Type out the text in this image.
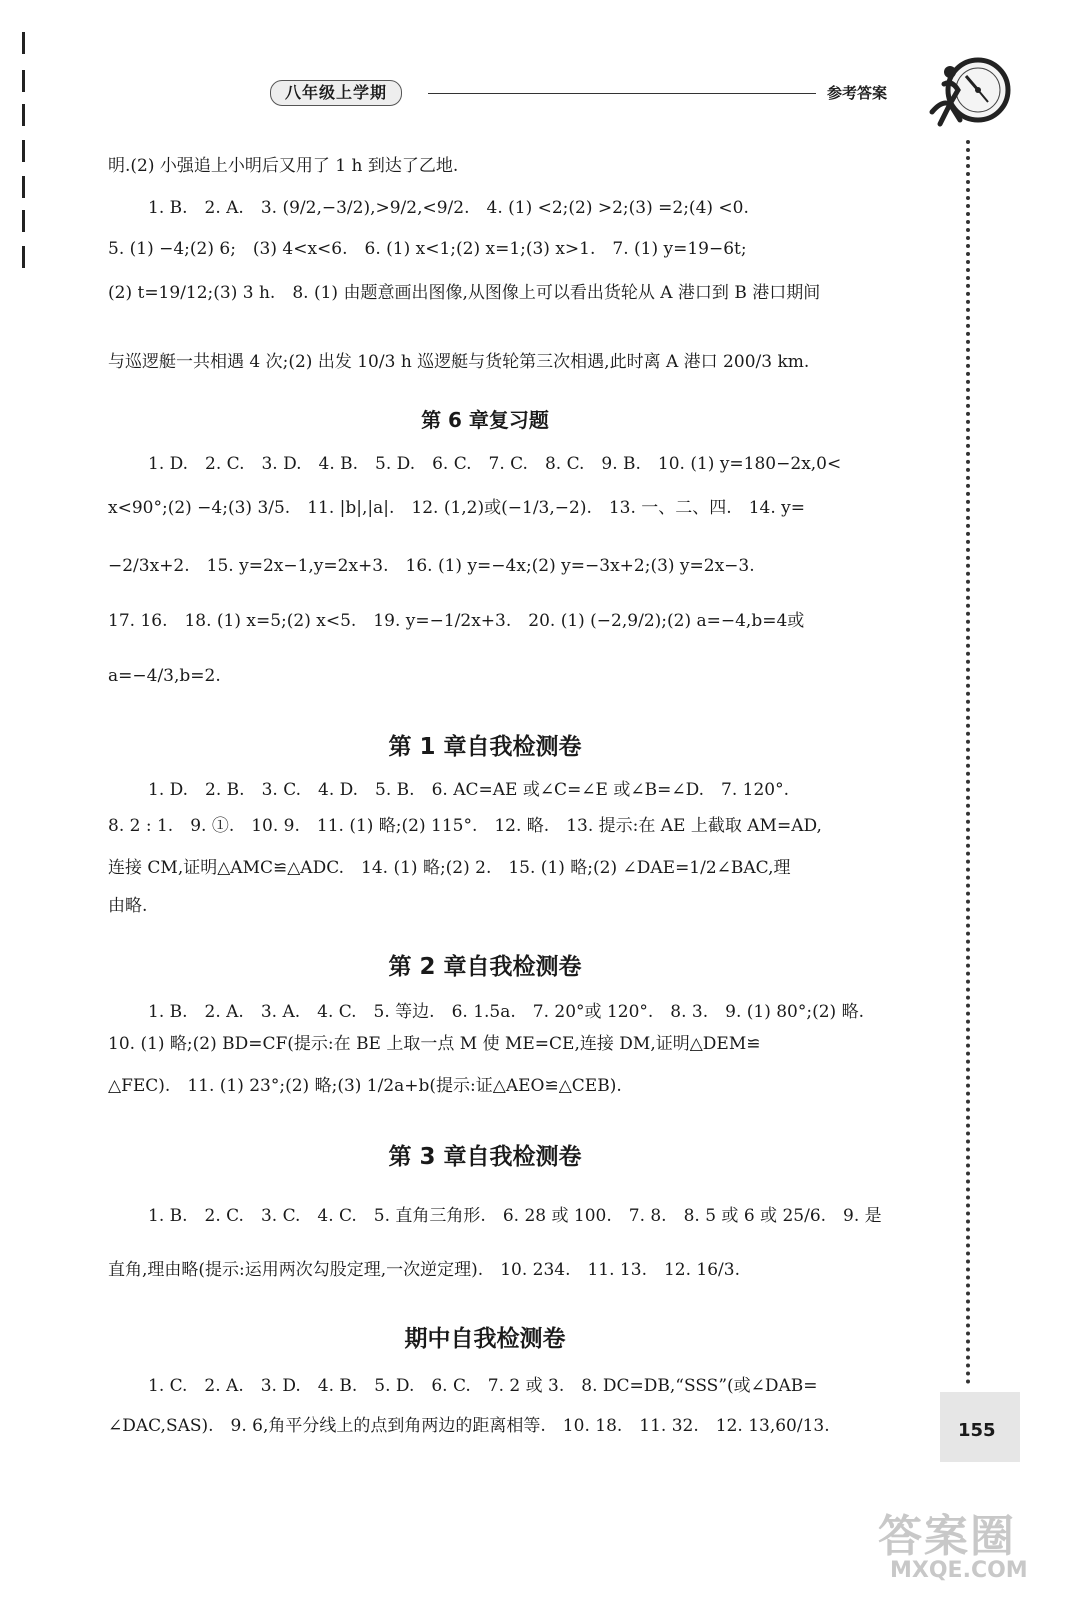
八年级上学期	参考答案
155
明.(2) 小强追上小明后又用了 1 h 到达了乙地.
1. B.　2. A.　3. (9/2,−3/2),>9/2,<9/2.　4. (1) <2;(2) >2;(3) =2;(4) <0.
5. (1) −4;(2) 6;　(3) 4<x<6.　6. (1) x<1;(2) x=1;(3) x>1.　7. (1) y=19−6t;
(2) t=19/12;(3) 3 h.　8. (1) 由题意画出图像,从图像上可以看出货轮从 A 港口到 B 港口期间
与巡逻艇一共相遇 4 次;(2) 出发 10/3 h 巡逻艇与货轮第三次相遇,此时离 A 港口 200/3 km.
第 6 章复习题
1. D.　2. C.　3. D.　4. B.　5. D.　6. C.　7. C.　8. C.　9. B.　10. (1) y=180−2x,0<
x<90°;(2) −4;(3) 3/5.　11. |b|,|a|.　12. (1,2)或(−1/3,−2).　13. 一、二、四.　14. y=
−2/3x+2.　15. y=2x−1,y=2x+3.　16. (1) y=−4x;(2) y=−3x+2;(3) y=2x−3.
17. 16.　18. (1) x=5;(2) x<5.　19. y=−1/2x+3.　20. (1) (−2,9/2);(2) a=−4,b=4或
a=−4/3,b=2.
第 1 章自我检测卷
1. D.　2. B.　3. C.　4. D.　5. B.　6. AC=AE 或∠C=∠E 或∠B=∠D.　7. 120°.
8. 2 : 1.　9. ①.　10. 9.　11. (1) 略;(2) 115°.　12. 略.　13. 提示:在 AE 上截取 AM=AD,
连接 CM,证明△AMC≌△ADC.　14. (1) 略;(2) 2.　15. (1) 略;(2) ∠DAE=1/2∠BAC,理
由略.
第 2 章自我检测卷
1. B.　2. A.　3. A.　4. C.　5. 等边.　6. 1.5a.　7. 20°或 120°.　8. 3.　9. (1) 80°;(2) 略.
10. (1) 略;(2) BD=CF(提示:在 BE 上取一点 M 使 ME=CE,连接 DM,证明△DEM≌
△FEC).　11. (1) 23°;(2) 略;(3) 1/2a+b(提示:证△AEO≌△CEB).
第 3 章自我检测卷
1. B.　2. C.　3. C.　4. C.　5. 直角三角形.　6. 28 或 100.　7. 8.　8. 5 或 6 或 25/6.　9. 是
直角,理由略(提示:运用两次勾股定理,一次逆定理).　10. 234.　11. 13.　12. 16/3.
期中自我检测卷
1. C.　2. A.　3. D.　4. B.　5. D.　6. C.　7. 2 或 3.　8. DC=DB,“SSS”(或∠DAB=
∠DAC,SAS).　9. 6,角平分线上的点到角两边的距离相等.　10. 18.　11. 32.　12. 13,60/13.
答案圈
MXQE.COM
